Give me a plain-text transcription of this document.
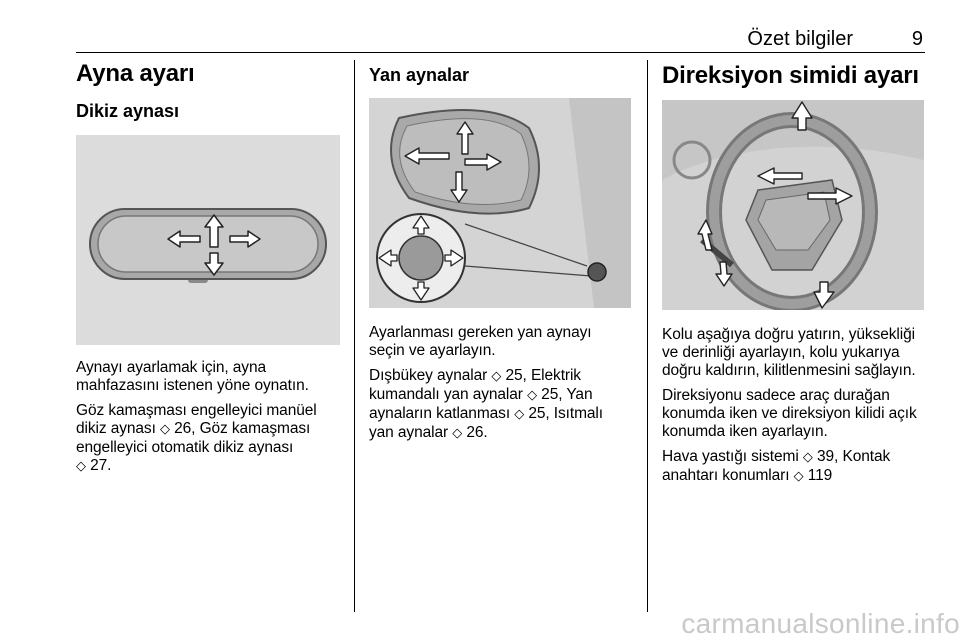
Özet bilgiler	9
Ayna ayarı
Dikiz aynası

Aynayı ayarlamak için, ayna
mahfazasını istenen yöne oynatın.

Göz kamaşması engelleyici manüel
dikiz aynası ◇ 26, Göz kamaşması
engelleyici otomatik dikiz aynası
◇ 27.

Yan aynalar

Ayarlanması gereken yan aynayı
seçin ve ayarlayın.

Dışbükey aynalar ◇ 25, Elektrik
kumandalı yan aynalar ◇ 25, Yan
aynaların katlanması ◇ 25, Isıtmalı
yan aynalar ◇ 26.

Direksiyon simidi ayarı

Kolu aşağıya doğru yatırın, yüksekliği
ve derinliği ayarlayın, kolu yukarıya
doğru kaldırın, kilitlenmesini sağlayın.

Direksiyonu sadece araç durağan
konumda iken ve direksiyon kilidi açık
konumda iken ayarlayın.

Hava yastığı sistemi ◇ 39, Kontak
anahtarı konumları ◇ 119

carmanualsonline.info
